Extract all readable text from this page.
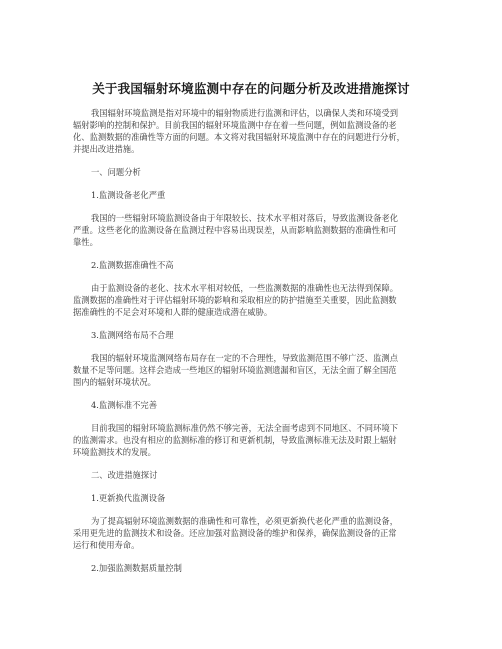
关于我国辐射环境监测中存在的问题分析及改进措施探讨
我国辐射环境监测是指对环境中的辐射物质进行监测和评估，以确保人类和环境受到
辐射影响的控制和保护。目前我国的辐射环境监测中存在着一些问题，例如监测设备的老
化、监测数据的准确性等方面的问题。本文将对我国辐射环境监测中存在的问题进行分析，
并提出改进措施。
一、问题分析
1.监测设备老化严重
我国的一些辐射环境监测设备由于年限较长、技术水平相对落后，导致监测设备老化
严重。这些老化的监测设备在监测过程中容易出现误差，从而影响监测数据的准确性和可
靠性。
2.监测数据准确性不高
由于监测设备的老化、技术水平相对较低，一些监测数据的准确性也无法得到保障。
监测数据的准确性对于评估辐射环境的影响和采取相应的防护措施至关重要，因此监测数
据准确性的不足会对环境和人群的健康造成潜在威胁。
3.监测网络布局不合理
我国的辐射环境监测网络布局存在一定的不合理性，导致监测范围不够广泛、监测点
数量不足等问题。这样会造成一些地区的辐射环境监测遗漏和盲区，无法全面了解全国范
围内的辐射环境状况。
4.监测标准不完善
目前我国的辐射环境监测标准仍然不够完善，无法全面考虑到不同地区、不同环境下
的监测需求。也没有相应的监测标准的修订和更新机制，导致监测标准无法及时跟上辐射
环境监测技术的发展。
二、改进措施探讨
1.更新换代监测设备
为了提高辐射环境监测数据的准确性和可靠性，必须更新换代老化严重的监测设备，
采用更先进的监测技术和设备。还应加强对监测设备的维护和保养，确保监测设备的正常
运行和使用寿命。
2.加强监测数据质量控制
